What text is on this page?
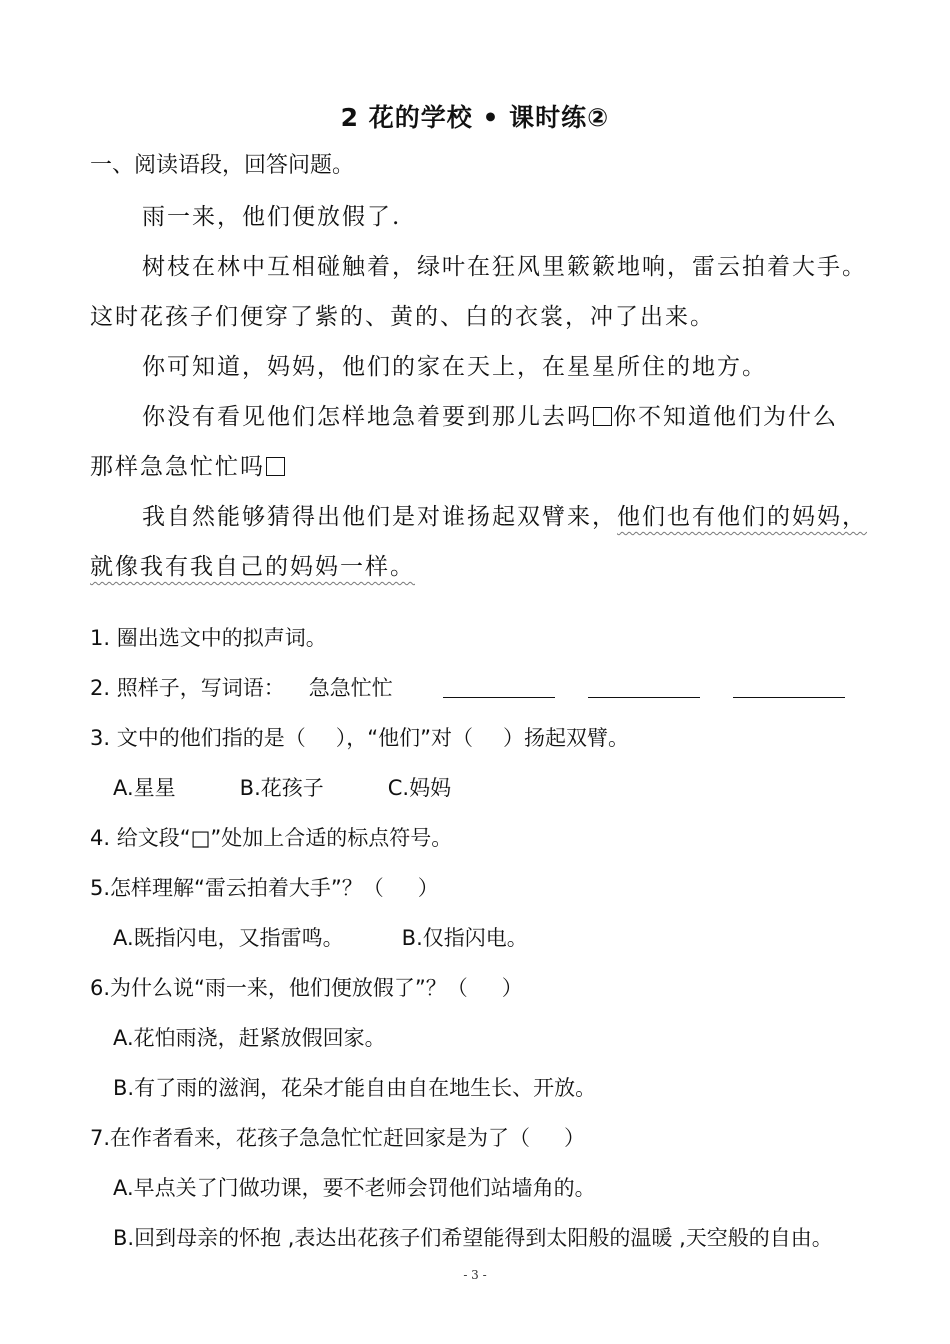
2 花的学校 • 课时练②
一、阅读语段，回答问题。
雨一来，他们便放假了.
树枝在林中互相碰触着，绿叶在狂风里簌簌地响，雷云拍着大手。
这时花孩子们便穿了紫的、黄的、白的衣裳，冲了出来。
你可知道，妈妈，他们的家在天上，在星星所住的地方。
你没有看见他们怎样地急着要到那儿去吗 你不知道他们为什么
那样急急忙忙吗
我自然能够猜得出他们是对谁扬起双臂来，他们也有他们的妈妈，
就像我有我自己的妈妈一样。
1. 圈出选文中的拟声词。
2. 照样子，写词语： 急急忙忙
3. 文中的他们指的是（ ），“他们”对（ ）扬起双臂。
A.星星	B.花孩子	C.妈妈
4. 给文段“□”处加上合适的标点符号。
5.怎样理解“雷云拍着大手”？（ ）
A.既指闪电，又指雷鸣。	B.仅指闪电。
6.为什么说“雨一来，他们便放假了”？（ ）
A.花怕雨浇，赶紧放假回家。
B.有了雨的滋润，花朵才能自由自在地生长、开放。
7.在作者看来，花孩子急急忙忙赶回家是为了（ ）
A.早点关了门做功课，要不老师会罚他们站墙角的。
B.回到母亲的怀抱 ,表达出花孩子们希望能得到太阳般的温暖 ,天空般的自由。
- 3 -
